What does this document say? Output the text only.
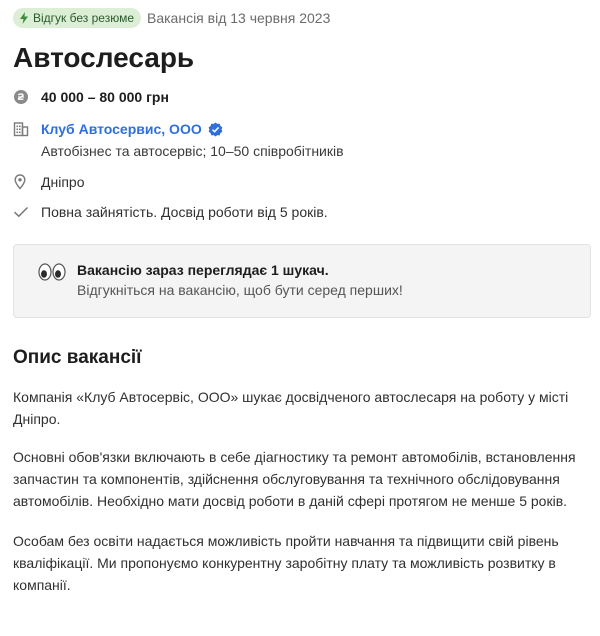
Відгук без резюме Вакансія від 13 червня 2023
Автослесарь
40 000 – 80 000 грн
Клуб Автосервис, ООО
Автобізнес та автосервіс; 10–50 співробітників
Дніпро
Повна зайнятість. Досвід роботи від 5 років.
Вакансію зараз переглядає 1 шукач.
Відгукніться на вакансію, щоб бути серед перших!
Опис вакансії

Компанія «Клуб Автосервіс, ООО» шукає досвідченого автослесаря на роботу у місті Дніпро.

Основні обов'язки включають в себе діагностику та ремонт автомобілів, встановлення запчастин та компонентів, здійснення обслуговування та технічного обслідовування автомобілів. Необхідно мати досвід роботи в даній сфері протягом не менше 5 років.

Особам без освіти надається можливість пройти навчання та підвищити свій рівень кваліфікації. Ми пропонуємо конкурентну заробітну плату та можливість розвитку в компанії.
